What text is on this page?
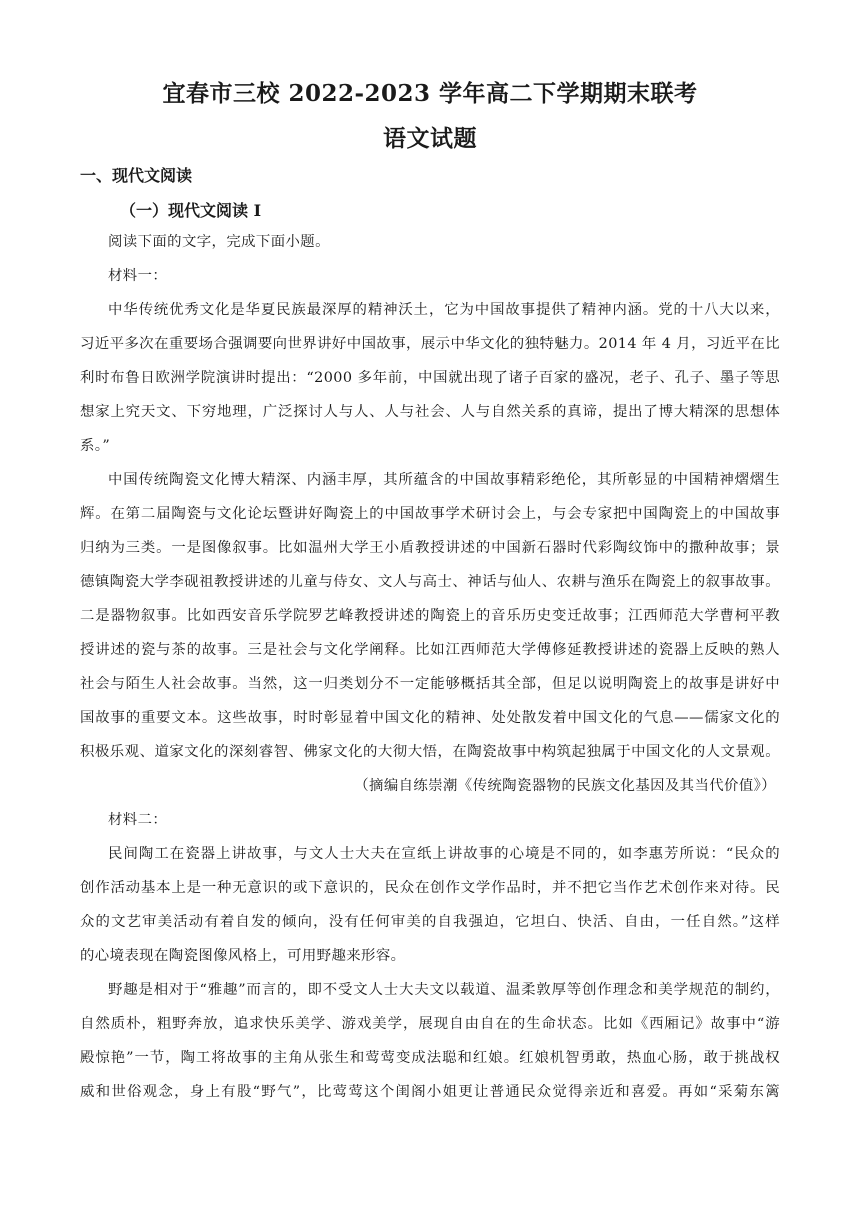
宜春市三校 2022-2023 学年高二下学期期末联考
语文试题
一、现代文阅读
（一）现代文阅读 I
阅读下面的文字，完成下面小题。
材料一：
中华传统优秀文化是华夏民族最深厚的精神沃土，它为中国故事提供了精神内涵。党的十八大以来，
习近平多次在重要场合强调要向世界讲好中国故事，展示中华文化的独特魅力。2014 年 4 月，习近平在比
利时布鲁日欧洲学院演讲时提出：“2000 多年前，中国就出现了诸子百家的盛况，老子、孔子、墨子等思
想家上究天文、下穷地理，广泛探讨人与人、人与社会、人与自然关系的真谛，提出了博大精深的思想体
系。”
中国传统陶瓷文化博大精深、内涵丰厚，其所蕴含的中国故事精彩绝伦，其所彰显的中国精神熠熠生
辉。在第二届陶瓷与文化论坛暨讲好陶瓷上的中国故事学术研讨会上，与会专家把中国陶瓷上的中国故事
归纳为三类。一是图像叙事。比如温州大学王小盾教授讲述的中国新石器时代彩陶纹饰中的撒种故事；景
德镇陶瓷大学李砚祖教授讲述的儿童与侍女、文人与高士、神话与仙人、农耕与渔乐在陶瓷上的叙事故事。
二是器物叙事。比如西安音乐学院罗艺峰教授讲述的陶瓷上的音乐历史变迁故事；江西师范大学曹柯平教
授讲述的瓷与茶的故事。三是社会与文化学阐释。比如江西师范大学傅修延教授讲述的瓷器上反映的熟人
社会与陌生人社会故事。当然，这一归类划分不一定能够概括其全部，但足以说明陶瓷上的故事是讲好中
国故事的重要文本。这些故事，时时彰显着中国文化的精神、处处散发着中国文化的气息——儒家文化的
积极乐观、道家文化的深刻睿智、佛家文化的大彻大悟，在陶瓷故事中构筑起独属于中国文化的人文景观。
（摘编自练崇潮《传统陶瓷器物的民族文化基因及其当代价值》）
材料二：
民间陶工在瓷器上讲故事，与文人士大夫在宣纸上讲故事的心境是不同的，如李惠芳所说：“民众的
创作活动基本上是一种无意识的或下意识的，民众在创作文学作品时，并不把它当作艺术创作来对待。民
众的文艺审美活动有着自发的倾向，没有任何审美的自我强迫，它坦白、快活、自由，一任自然。”这样
的心境表现在陶瓷图像风格上，可用野趣来形容。
野趣是相对于“雅趣”而言的，即不受文人士大夫文以载道、温柔敦厚等创作理念和美学规范的制约，
自然质朴，粗野奔放，追求快乐美学、游戏美学，展现自由自在的生命状态。比如《西厢记》故事中“游
殿惊艳”一节，陶工将故事的主角从张生和莺莺变成法聪和红娘。红娘机智勇敢，热血心肠，敢于挑战权
威和世俗观念，身上有股“野气”，比莺莺这个闺阁小姐更让普通民众觉得亲近和喜爱。再如“采菊东篱
